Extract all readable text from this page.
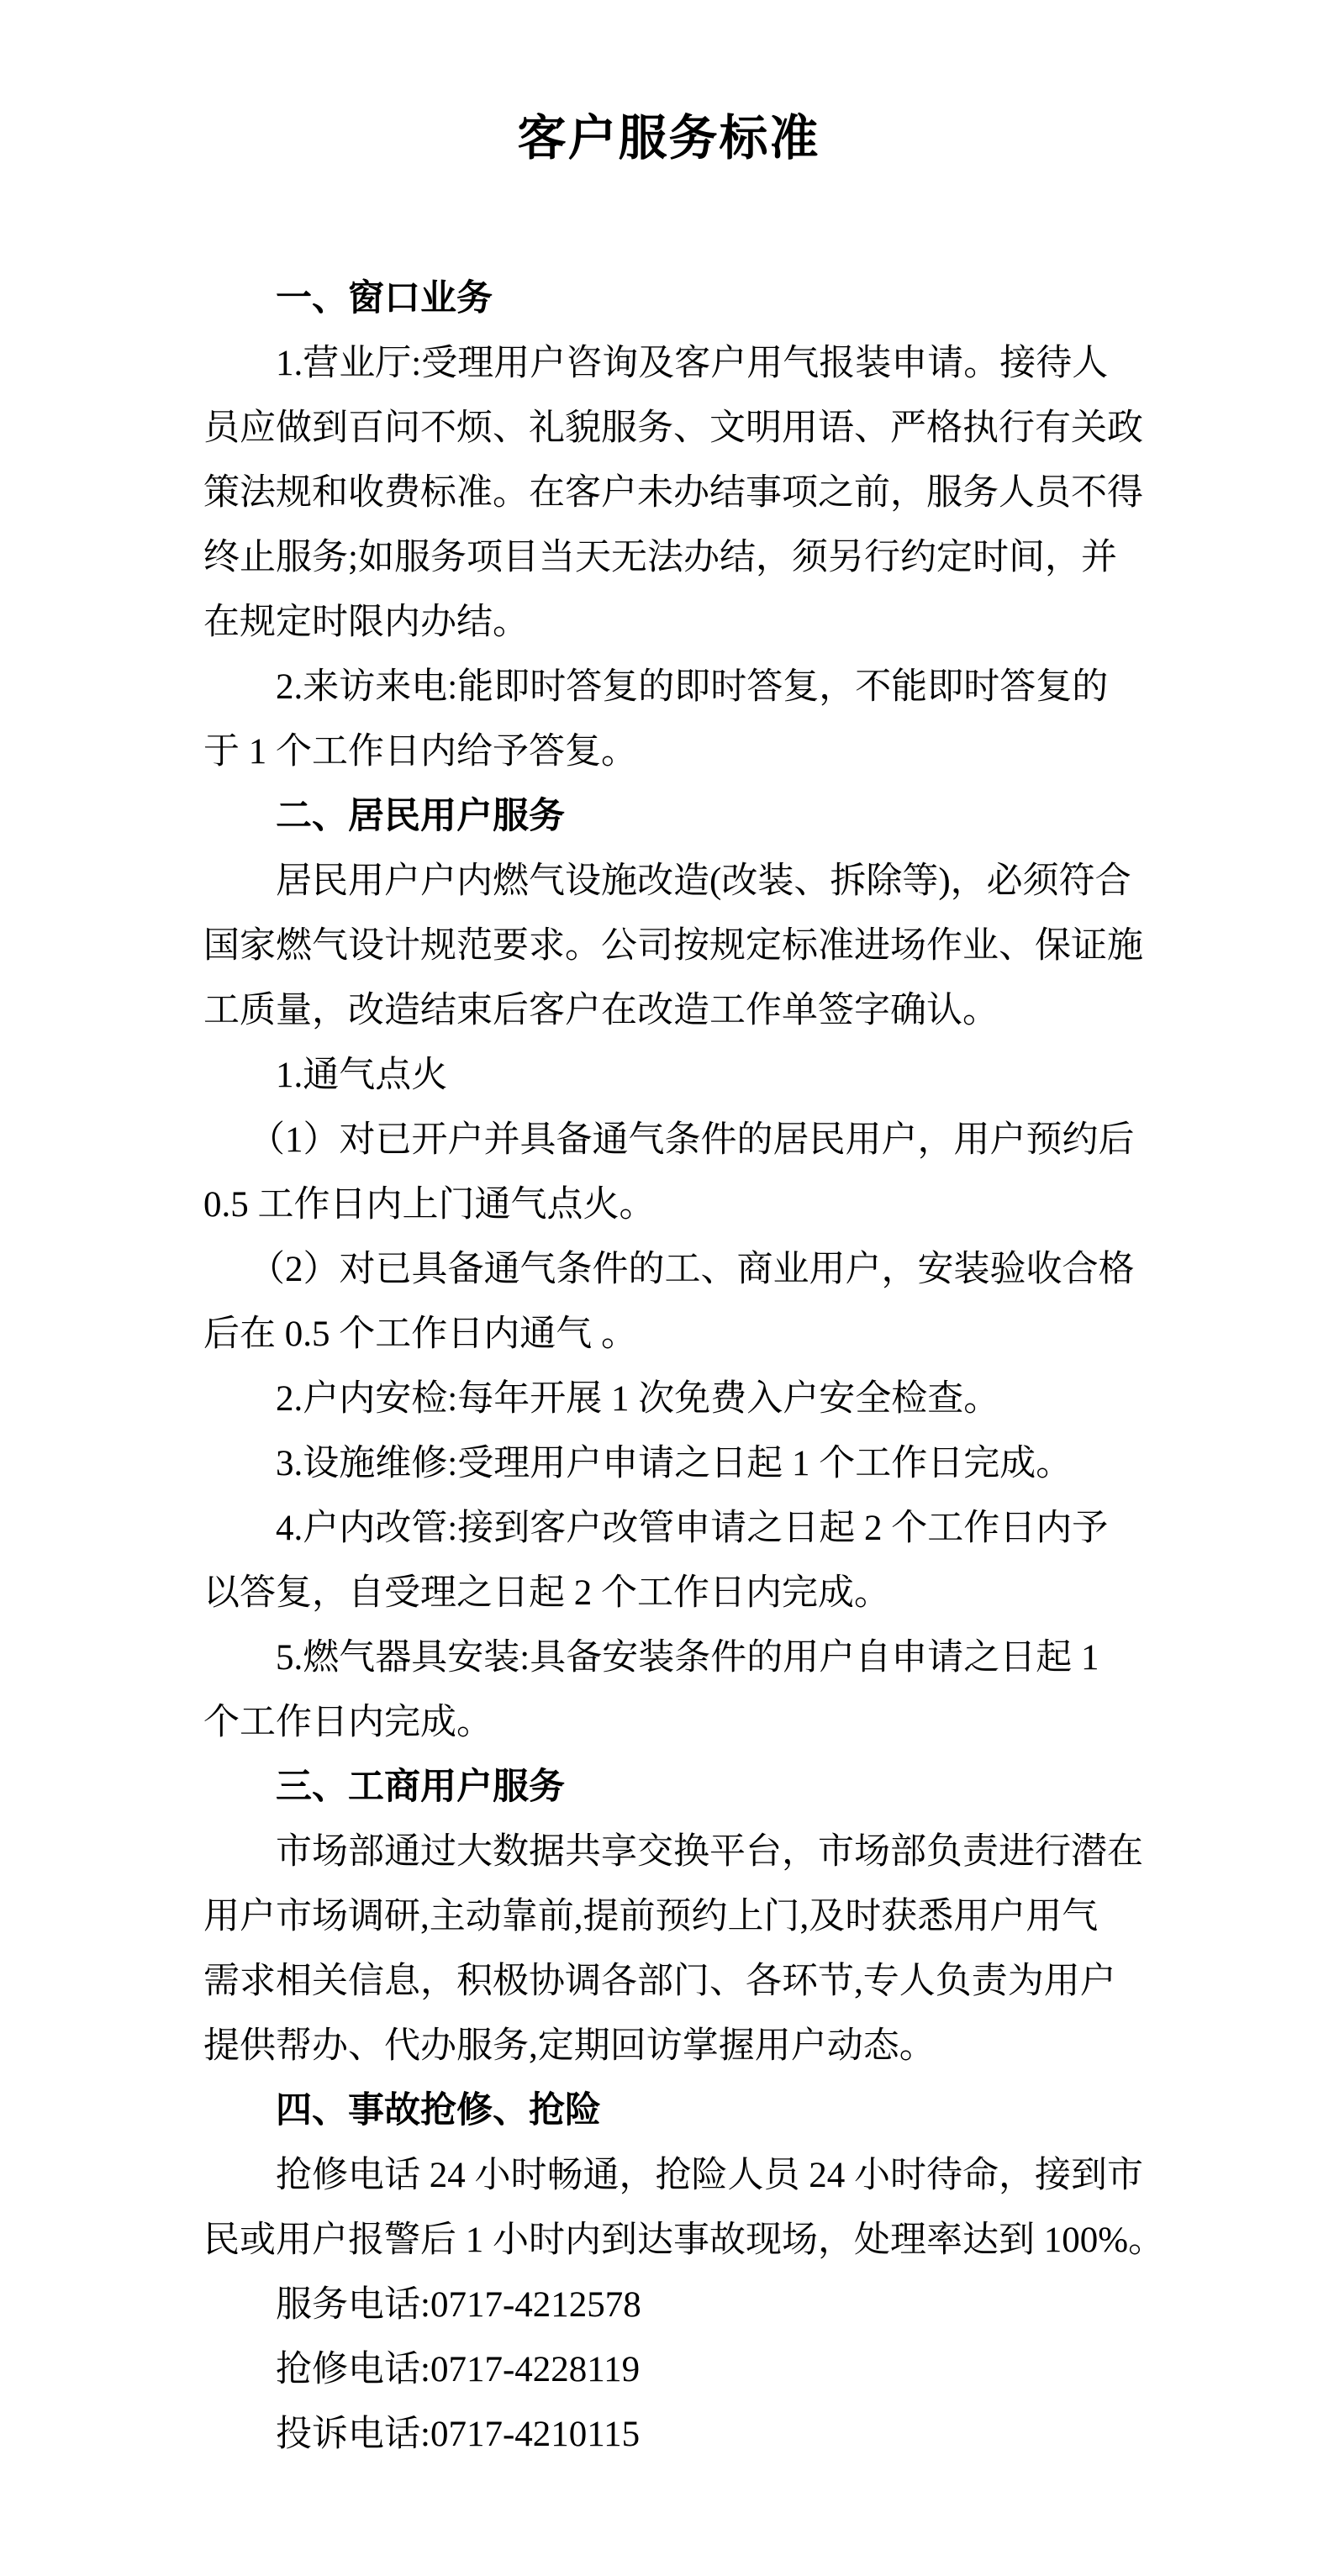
客户服务标准
一、窗口业务
1.营业厅:受理用户咨询及客户用气报装申请。接待人
员应做到百问不烦、礼貌服务、文明用语、严格执行有关政
策法规和收费标准。在客户未办结事项之前，服务人员不得
终止服务;如服务项目当天无法办结，须另行约定时间，并
在规定时限内办结。
2.来访来电:能即时答复的即时答复，不能即时答复的
于 1 个工作日内给予答复。
二、居民用户服务
居民用户户内燃气设施改造(改装、拆除等)，必须符合
国家燃气设计规范要求。公司按规定标准进场作业、保证施
工质量，改造结束后客户在改造工作单签字确认。
1.通气点火
（1）对已开户并具备通气条件的居民用户，用户预约后
0.5 工作日内上门通气点火。
（2）对已具备通气条件的工、商业用户，安装验收合格
后在 0.5 个工作日内通气 。
2.户内安检:每年开展 1 次免费入户安全检查。
3.设施维修:受理用户申请之日起 1 个工作日完成。
4.户内改管:接到客户改管申请之日起 2 个工作日内予
以答复，自受理之日起 2 个工作日内完成。
5.燃气器具安装:具备安装条件的用户自申请之日起 1
个工作日内完成。
三、工商用户服务
市场部通过大数据共享交换平台，市场部负责进行潜在
用户市场调研,主动靠前,提前预约上门,及时获悉用户用气
需求相关信息，积极协调各部门、各环节,专人负责为用户
提供帮办、代办服务,定期回访掌握用户动态。
四、事故抢修、抢险
抢修电话 24 小时畅通，抢险人员 24 小时待命，接到市
民或用户报警后 1 小时内到达事故现场，处理率达到 100%。
服务电话:0717-4212578
抢修电话:0717-4228119
投诉电话:0717-4210115
